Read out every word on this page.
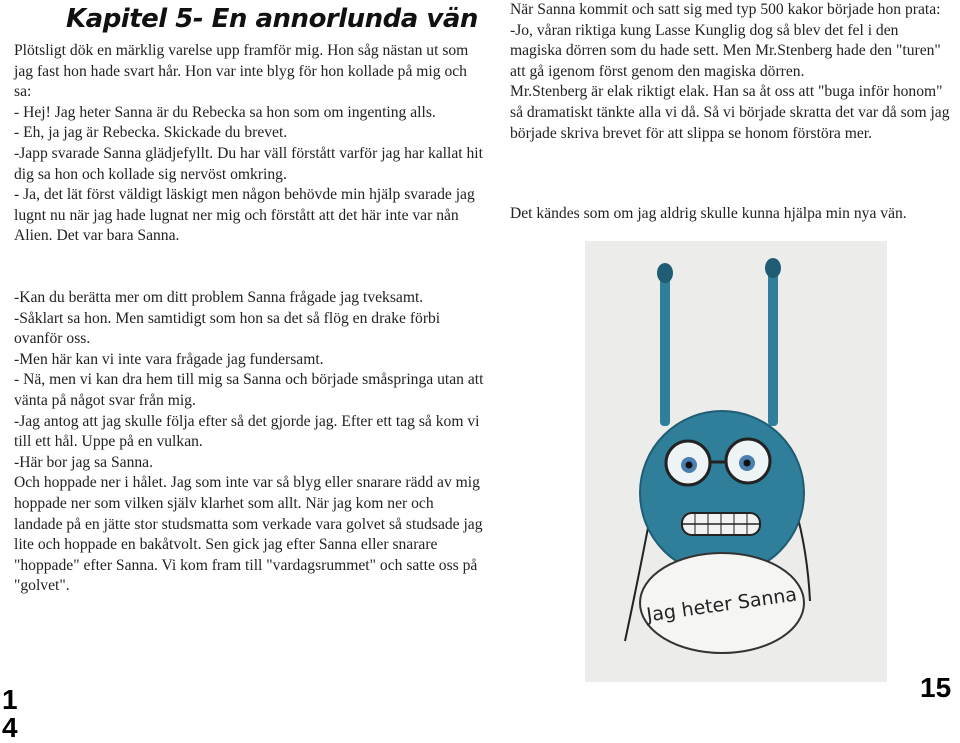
Kapitel 5- En annorlunda vän

Plötsligt dök en märklig varelse upp framför mig. Hon såg nästan ut som jag fast hon hade svart hår. Hon var inte blyg för hon kollade på mig och sa:

- Hej! Jag heter Sanna är du Rebecka sa hon som om ingenting alls.

- Eh, ja jag är Rebecka. Skickade du brevet.

-Japp svarade Sanna glädjefyllt. Du har väll förstått varför jag har kallat hit dig sa hon och kollade sig nervöst omkring.

- Ja, det lät först väldigt läskigt men någon behövde min hjälp svarade jag lugnt nu när jag hade lugnat ner mig och förstått att det här inte var nån Alien. Det var bara Sanna.

-Kan du berätta mer om ditt problem Sanna frågade jag tveksamt.

-Såklart sa hon. Men samtidigt som hon sa det så flög en drake förbi ovanför oss.

-Men här kan vi inte vara frågade jag fundersamt.

- Nä, men vi kan dra hem till mig sa Sanna och började småspringa utan att vänta på något svar från mig.

-Jag antog att jag skulle följa efter så det gjorde jag. Efter ett tag så kom vi till ett hål. Uppe på en vulkan.

-Här bor jag sa Sanna.

Och hoppade ner i hålet. Jag som inte var så blyg eller snarare rädd av mig hoppade ner som vilken själv klarhet som allt. När jag kom ner och landade på en jätte stor studsmatta som verkade vara golvet så studsade jag lite och hoppade en bakåtvolt. Sen gick jag efter Sanna eller snarare "hoppade" efter Sanna. Vi kom fram till "vardagsrummet" och satte oss på "golvet".

När Sanna kommit och satt sig med typ 500 kakor började hon prata:

-Jo, våran riktiga kung Lasse Kunglig dog så blev det fel i den magiska dörren som du hade sett. Men Mr.Stenberg hade den "turen" att gå igenom först genom den magiska dörren.

Mr.Stenberg är elak riktigt elak. Han sa åt oss att "buga inför honom" så dramatiskt tänkte alla vi då. Så vi började skratta det var då som jag började skriva brevet för att slippa se honom förstöra mer.

Det kändes som om jag aldrig skulle kunna hjälpa min nya vän.
Jag heter Sanna
1
4
15
